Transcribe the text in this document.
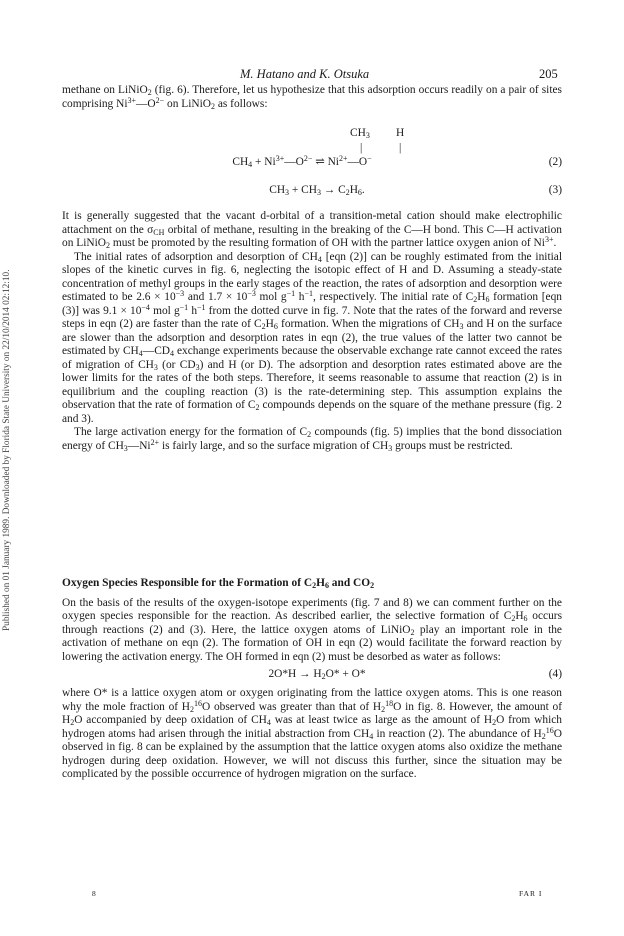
Published on 01 January 1989. Downloaded by Florida State University on 22/10/2014 02:12:10.
M. Hatano and K. Otsuka	205

methane on LiNiO$_2$ (fig. 6). Therefore, let us hypothesize that this adsorption occurs readily on a pair of sites comprising $Ni^{3+}—O^{2-}$ on LiNiO$_2$ as follows:

$CH_3$ H
|	|
$CH_4$ + $Ni^{3+}—O^{2-}$ ⇌ $Ni^{2+}—O^-$	(2)
$CH_3 + CH_3 \to C_2H_6$.	(3)

It is generally suggested that the vacant d-orbital of a transition-metal cation should make electrophilic attachment on the $\sigma_{CH}$ orbital of methane, resulting in the breaking of the C—H bond. This C—H activation on LiNiO$_2$ must be promoted by the resulting formation of OH with the partner lattice oxygen anion of $Ni^{3+}$.

The initial rates of adsorption and desorption of $CH_4$ [eqn (2)] can be roughly estimated from the initial slopes of the kinetic curves in fig. 6, neglecting the isotopic effect of H and D. Assuming a steady-state concentration of methyl groups in the early stages of the reaction, the rates of adsorption and desorption were estimated to be $2.6 \times 10^{-3}$ and $1.7 \times 10^{-3}$ mol $g^{-1}$ $h^{-1}$, respectively. The initial rate of $C_2H_6$ formation [eqn (3)] was $9.1 \times 10^{-4}$ mol $g^{-1}$ $h^{-1}$ from the dotted curve in fig. 7. Note that the rates of the forward and reverse steps in eqn (2) are faster than the rate of $C_2H_6$ formation. When the migrations of $CH_3$ and H on the surface are slower than the adsorption and desorption rates in eqn (2), the true values of the latter two cannot be estimated by $CH_4—CD_4$ exchange experiments because the observable exchange rate cannot exceed the rates of migration of $CH_3$ (or $CD_3$) and H (or D). The adsorption and desorption rates estimated above are the lower limits for the rates of the both steps. Therefore, it seems reasonable to assume that reaction (2) is in equilibrium and the coupling reaction (3) is the rate-determining step. This assumption explains the observation that the rate of formation of $C_2$ compounds depends on the square of the methane pressure (fig. 2 and 3).

The large activation energy for the formation of $C_2$ compounds (fig. 5) implies that the bond dissociation energy of $CH_3—Ni^{2+}$ is fairly large, and so the surface migration of $CH_3$ groups must be restricted.

Oxygen Species Responsible for the Formation of $C_2H_6$ and $CO_2$

On the basis of the results of the oxygen-isotope experiments (fig. 7 and 8) we can comment further on the oxygen species responsible for the reaction. As described earlier, the selective formation of $C_2H_6$ occurs through reactions (2) and (3). Here, the lattice oxygen atoms of LiNiO$_2$ play an important role in the activation of methane on eqn (2). The formation of OH in eqn (2) would facilitate the forward reaction by lowering the activation energy. The OH formed in eqn (2) must be desorbed as water as follows:

$2O*H \to H_2O* + O*$	(4)

where O* is a lattice oxygen atom or oxygen originating from the lattice oxygen atoms. This is one reason why the mole fraction of $H_2^{16}O$ observed was greater than that of $H_2^{18}O$ in fig. 8. However, the amount of $H_2O$ accompanied by deep oxidation of $CH_4$ was at least twice as large as the amount of $H_2O$ from which hydrogen atoms had arisen through the initial abstraction from $CH_4$ in reaction (2). The abundance of $H_2^{16}O$ observed in fig. 8 can be explained by the assumption that the lattice oxygen atoms also oxidize the methane hydrogen during deep oxidation. However, we will not discuss this further, since the situation may be complicated by the possible occurrence of hydrogen migration on the surface.

8	FAR I
